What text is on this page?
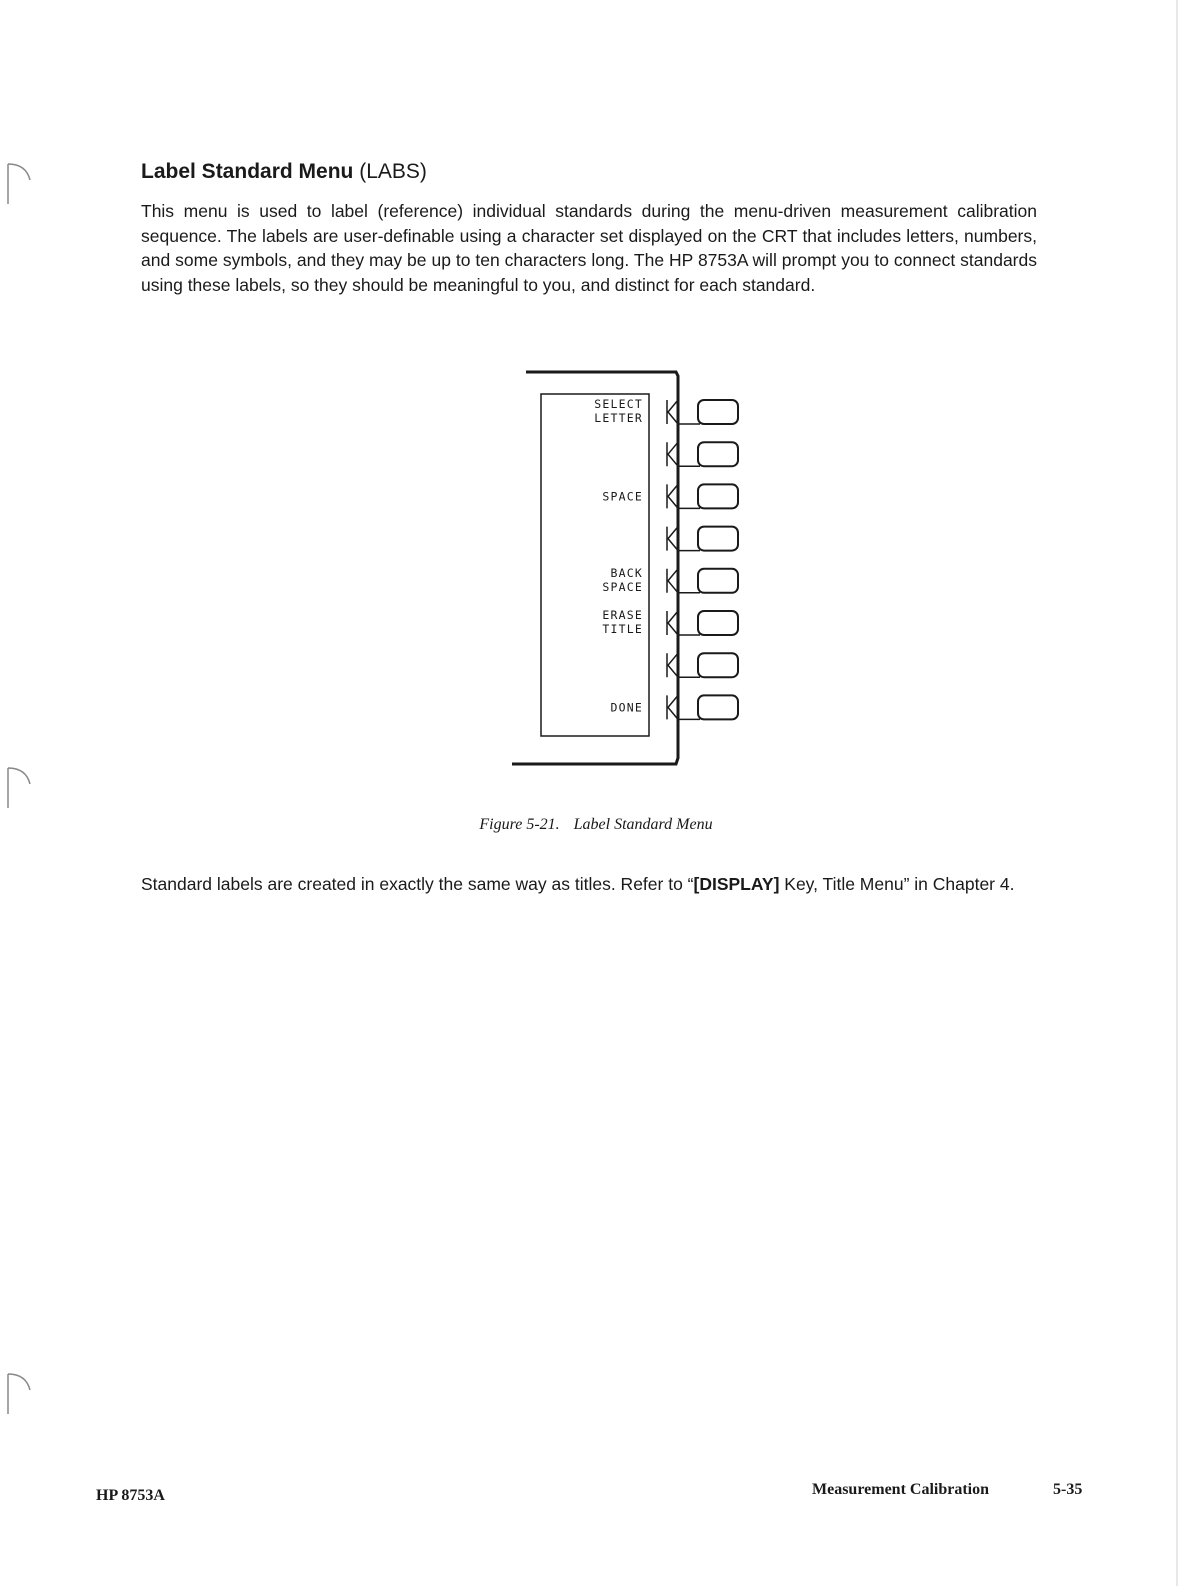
Label Standard Menu (LABS)

This menu is used to label (reference) individual standards during the menu-driven measurement calibration sequence. The labels are user-definable using a character set displayed on the CRT that includes letters, numbers, and some symbols, and they may be up to ten characters long. The HP 8753A will prompt you to connect standards using these labels, so they should be meaningful to you, and distinct for each standard.

SELECT
LETTER
SPACE
BACK
SPACE
ERASE
TITLE
DONE

Figure 5-21. Label Standard Menu

Standard labels are created in exactly the same way as titles. Refer to “[DISPLAY] Key, Title Menu” in Chapter 4.

HP 8753A	Measurement Calibration	5-35
